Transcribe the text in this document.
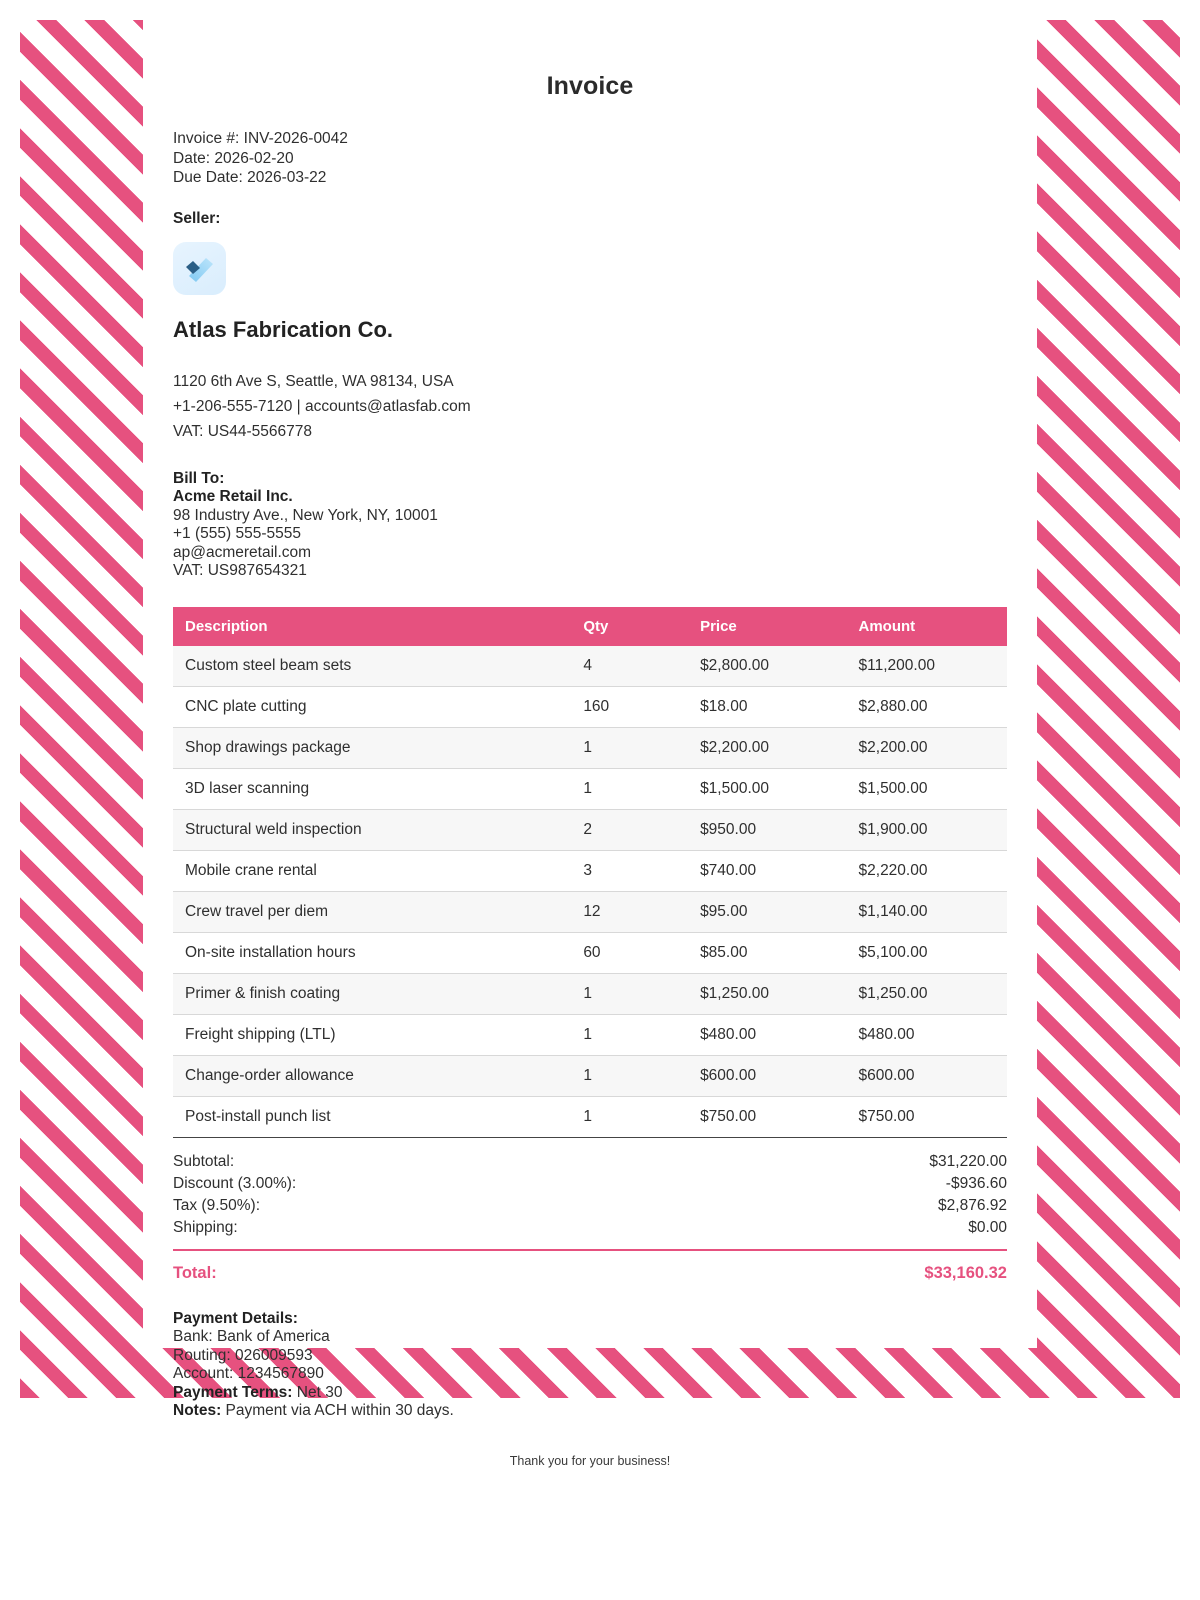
Invoice
Invoice #: INV-2026-0042
Date: 2026-02-20
Due Date: 2026-03-22
Seller:
Atlas Fabrication Co.
1120 6th Ave S, Seattle, WA 98134, USA
+1-206-555-7120 | accounts@atlasfab.com
VAT: US44-5566778
Bill To:
Acme Retail Inc.
98 Industry Ave., New York, NY, 10001
+1 (555) 555-5555
ap@acmeretail.com
VAT: US987654321
Description	Qty	Price	Amount
Custom steel beam sets	4	$2,800.00	$11,200.00
CNC plate cutting	160	$18.00	$2,880.00
Shop drawings package	1	$2,200.00	$2,200.00
3D laser scanning	1	$1,500.00	$1,500.00
Structural weld inspection	2	$950.00	$1,900.00
Mobile crane rental	3	$740.00	$2,220.00
Crew travel per diem	12	$95.00	$1,140.00
On-site installation hours	60	$85.00	$5,100.00
Primer & finish coating	1	$1,250.00	$1,250.00
Freight shipping (LTL)	1	$480.00	$480.00
Change-order allowance	1	$600.00	$600.00
Post-install punch list	1	$750.00	$750.00
Subtotal:	$31,220.00
Discount (3.00%):	-$936.60
Tax (9.50%):	$2,876.92
Shipping:	$0.00
Total:	$33,160.32
Payment Details:
Bank: Bank of America
Routing: 026009593
Account: 1234567890
Payment Terms: Net 30
Notes: Payment via ACH within 30 days.
Thank you for your business!
